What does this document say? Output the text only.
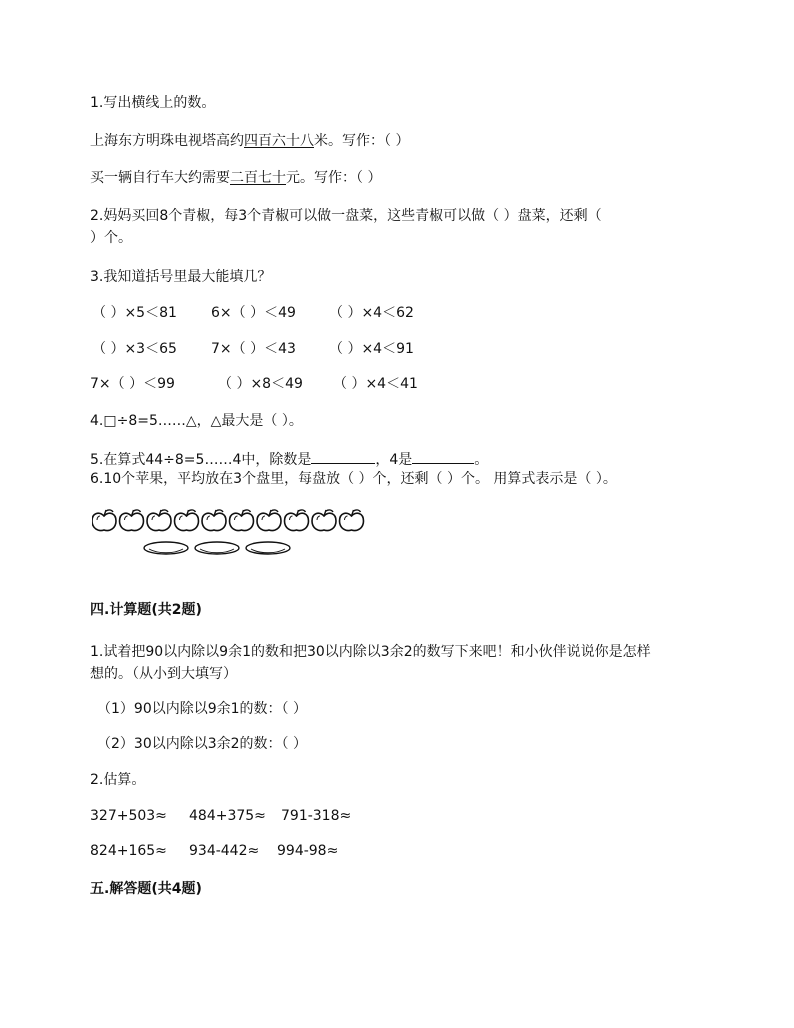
1.写出横线上的数。
上海东方明珠电视塔高约四百六十八米。写作：（ ）
买一辆自行车大约需要二百七十元。写作：（ ）
2.妈妈买回8个青椒，每3个青椒可以做一盘菜，这些青椒可以做（ ）盘菜，还剩（
）个。
3.我知道括号里最大能填几？
（ ）×5＜81 6×（ ）＜49 （ ）×4＜62
（ ）×3＜65 7×（ ）＜43 （ ）×4＜91
7×（ ）＜99	（ ）×8＜49 （ ）×4＜41
4.□÷8=5……△，△最大是（ ）。
5.在算式44÷8=5……4中，除数是	，4是	。
6.10个苹果，平均放在3个盘里，每盘放（ ）个，还剩（ ）个。 用算式表示是（ ）。
四.计算题(共2题)
1.试着把90以内除以9余1的数和把30以内除以3余2的数写下来吧！和小伙伴说说你是怎样
想的。（从小到大填写）
（1）90以内除以9余1的数：（ ）
（2）30以内除以3余2的数：（ ）
2.估算。
327+503≈ 484+375≈ 791-318≈
824+165≈ 934-442≈ 994-98≈
五.解答题(共4题)
